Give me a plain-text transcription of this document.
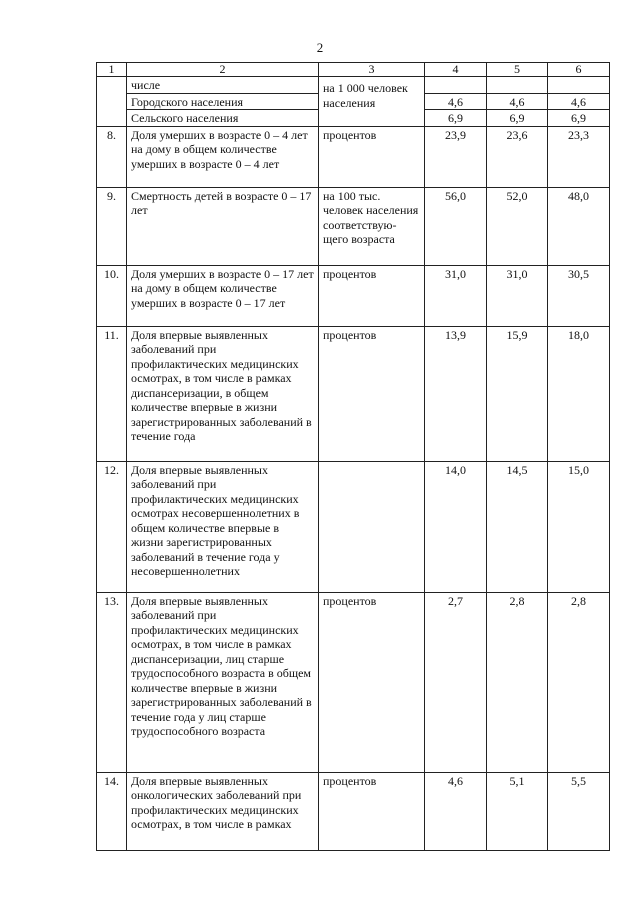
2
1	2	3	4	5	6
	числе	на 1 000 человек населения			
	Городского населения		4,6	4,6	4,6
	Сельского населения		6,9	6,9	6,9
8.	Доля умерших в возрасте 0 – 4 лет на дому в общем количестве умерших в возрасте 0 – 4 лет	процентов	23,9	23,6	23,3
9.	Смертность детей в возрасте 0 – 17 лет	на 100 тыс. человек населения соответствую-щего возраста	56,0	52,0	48,0
10.	Доля умерших в возрасте 0 – 17 лет на дому в общем количестве умерших в возрасте 0 – 17 лет	процентов	31,0	31,0	30,5
11.	Доля впервые выявленных заболеваний при профилактических медицинских осмотрах, в том числе в рамках диспансеризации, в общем количестве впервые в жизни зарегистрированных заболеваний в течение года	процентов	13,9	15,9	18,0
12.	Доля впервые выявленных заболеваний при профилактических медицинских осмотрах несовершеннолетних в общем количестве впервые в жизни зарегистрированных заболеваний в течение года у несовершеннолетних		14,0	14,5	15,0
13.	Доля впервые выявленных заболеваний при профилактических медицинских осмотрах, в том числе в рамках диспансеризации, лиц старше трудоспособного возраста в общем количестве впервые в жизни зарегистрированных заболеваний в течение года у лиц старше трудоспособного возраста	процентов	2,7	2,8	2,8
14.	Доля впервые выявленных онкологических заболеваний при профилактических медицинских осмотрах, в том числе в рамках	процентов	4,6	5,1	5,5
